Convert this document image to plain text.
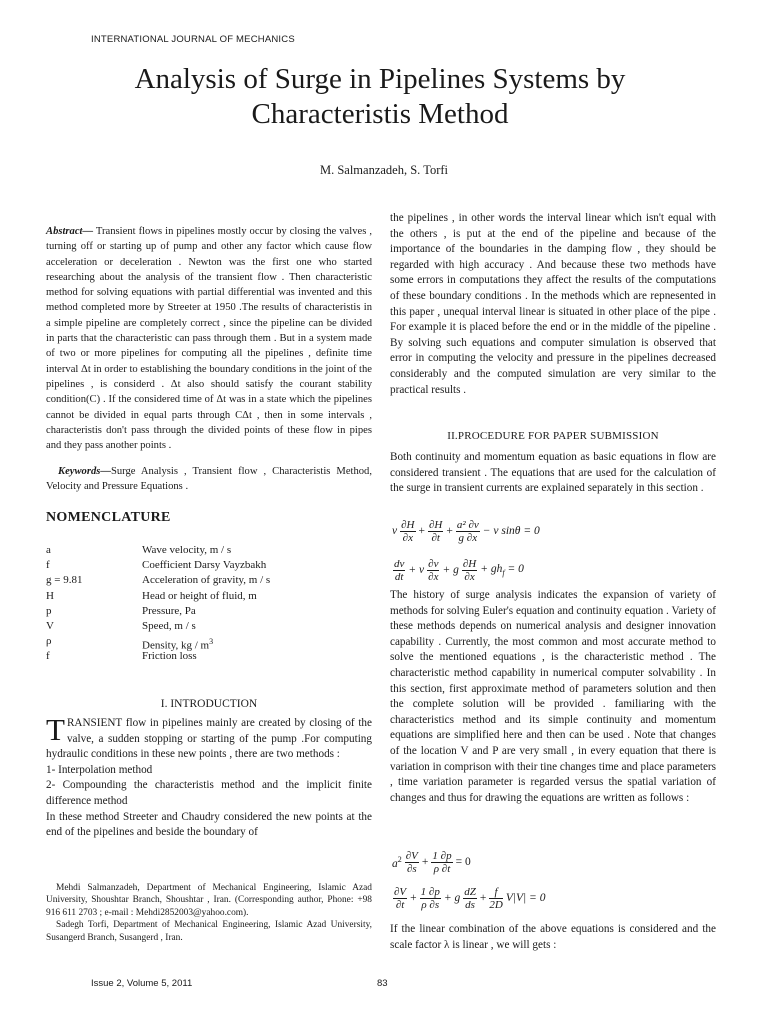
INTERNATIONAL JOURNAL OF MECHANICS
Analysis of Surge in Pipelines Systems by
Characteristis Method
M. Salmanzadeh, S. Torfi

Abstract— Transient flows in pipelines mostly occur by closing the valves , turning off or starting up of pump and other any factor which cause flow acceleration or deceleration . Newton was the first one who started researching about the analysis of the transient flow . Then characteristic method for solving equations with partial differential was invented and this method completed more by Streeter at 1950 .The results of characteristis in a simple pipeline are completely correct , since the pipeline can be divided in parts that the characteristic can pass through them . But in a system made of two or more pipelines for computing all the pipelines , definite time interval Δt in order to establishing the boundary conditions in the joint of the pipelines , is considerd . Δt also should satisfy the courant stability condition(C) . If the considered time of Δt was in a state which the pipelines cannot be divided in equal parts through CΔt , then in some intervals , characteristis don't pass through the divided points of these flow in pipes and they pass another points .

Keywords—Surge Analysis , Transient flow , Characteristis Method, Velocity and Pressure Equations .

NOMENCLATURE
a	Wave velocity, m / s
f	Coefficient Darsy Vayzbakh
g = 9.81	Acceleration of gravity, m / s
H	Head or height of fluid, m
p	Pressure, Pa
V	Speed, m / s
ρ	Density, kg / $m^3$
f	Friction loss
I. INTRODUCTION

TRANSIENT flow in pipelines mainly are created by closing of the valve, a sudden stopping or starting of the pump .For computing hydraulic conditions in these new points , there are two methods :

1- Interpolation method

2- Compounding the characteristis method and the implicit finite difference method

In these method Streeter and Chaudry considered the new points at the end of the pipelines and beside the boundary of

Mehdi Salmanzadeh, Department of Mechanical Engineering, Islamic Azad University, Shoushtar Branch, Shoushtar , Iran. (Corresponding author, Phone: +98 916 611 2703 ; e-mail : Mehdi2852003@yahoo.com).

Sadegh Torfi, Department of Mechanical Engineering, Islamic Azad University, Susangerd Branch, Susangerd , Iran.

the pipelines , in other words the interval linear which isn't equal with the others , is put at the end of the pipeline and because of the importance of the boundaries in the damping flow , they should be regarded with high accuracy . And because these two methods have some errors in computations they affect the results of the computations of these boundary conditions . In the methods which are repnesented in this paper , unequal interval linear is situated in other place of the pipe . For example it is placed before the end or in the middle of the pipeline . By solving such equations and computer simulation is observed that error in computing the velocity and pressure in the pipelines decreased considerably and the computed simulation are very similar to the practical results .

II.PROCEDURE FOR PAPER SUBMISSION

Both continuity and momentum equation as basic equations in flow are considered transient . The equations that are used for the calculation of the surge in transient currents are explained separately in this section .

v $\frac{\partial H}{\partial x} + \frac{\partial H}{\partial t} + \frac{\text{a² ∂v}}{g \partial x} - v$ sinθ = 0
$\frac{dv}{dt} + v \frac{\partial v}{\partial x} + g \frac{\partial H}{\partial x} + gh_f = 0$

The history of surge analysis indicates the expansion of variety of methods for solving Euler's equation and continuity equation . Variety of these methods depends on numerical analysis and designer innovation capability . Currently, the most common and most accurate method to solve the mentioned equations , is the characteristic method . The characteristic method capability in numerical computer solvability . In this section, first approximate method of parameters solution and then the complete solution will be provided . familiaring with the characteristics method and its simple continuity and momentum equations are simplified here and then can be used . Note that changes of the location V and P are very small , in every equation that there is variation in comprison with their tine changes time and place parameters , time variation parameter is regarded versus the spatial variation of changes and thus for drawing the equations are written as follows :

$a^2 \frac{\partial V}{\partial s} + \frac{1 \partial p}{\rho \partial t} = 0$
$\frac{\partial V}{\partial t} + \frac{1 \partial p}{\rho \partial s} + g \frac{dZ}{ds} + \frac{f}{2D} V|V| = 0$

If the linear combination of the above equations is considered and the scale factor λ is linear , we will gets :

Issue 2, Volume 5, 2011	83
